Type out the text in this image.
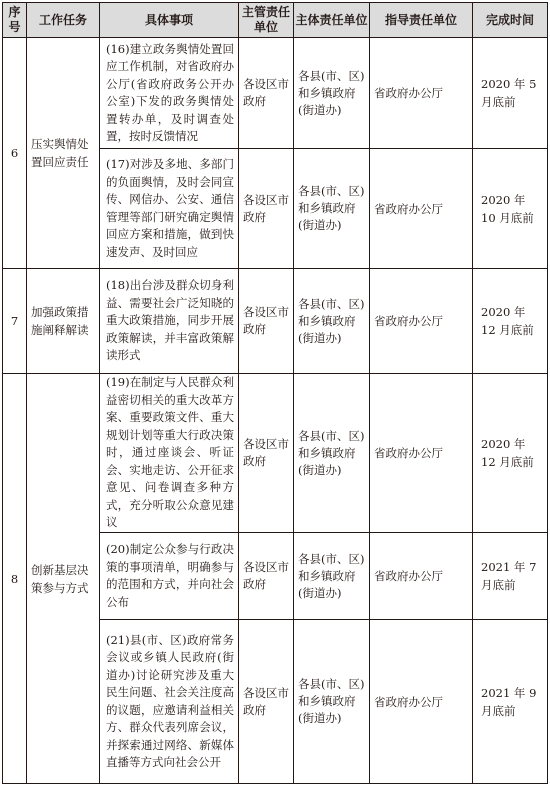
序号	工作任务	具体事项	主管责任单位	主体责任单位	指导责任单位	完成时间
6	压实舆情处置回应责任	(16)建立政务舆情处置回应工作机制，对省政府办公厅(省政府政务公开办公室)下发的政务舆情处置转办单，及时调查处置，按时反馈情况	各设区市政府	各县(市、区)和乡镇政府(街道办)	省政府办公厅	2020 年 5 月底前
		(17)对涉及多地、多部门的负面舆情，及时会同宣传、网信办、公安、通信管理等部门研究确定舆情回应方案和措施，做到快速发声、及时回应	各设区市政府	各县(市、区)和乡镇政府(街道办)	省政府办公厅	2020 年 10 月底前
7	加强政策措施阐释解读	(18)出台涉及群众切身利益、需要社会广泛知晓的重大政策措施，同步开展政策解读，并丰富政策解读形式	各设区市政府	各县(市、区)和乡镇政府(街道办)	省政府办公厅	2020 年 12 月底前
8	创新基层决策参与方式	(19)在制定与人民群众利益密切相关的重大改革方案、重要政策文件、重大规划计划等重大行政决策时，通过座谈会、听证会、实地走访、公开征求意见、问卷调查多种方式，充分听取公众意见建议	各设区市政府	各县(市、区)和乡镇政府(街道办)	省政府办公厅	2020 年 12 月底前
		(20)制定公众参与行政决策的事项清单，明确参与的范围和方式，并向社会公布	各设区市政府	各县(市、区)和乡镇政府(街道办)	省政府办公厅	2021 年 7 月底前
		(21)县(市、区)政府常务会议或乡镇人民政府(街道办)讨论研究涉及重大民生问题、社会关注度高的议题，应邀请利益相关方、群众代表列席会议，并探索通过网络、新媒体直播等方式向社会公开	各设区市政府	各县(市、区)和乡镇政府(街道办)	省政府办公厅	2021 年 9 月底前
